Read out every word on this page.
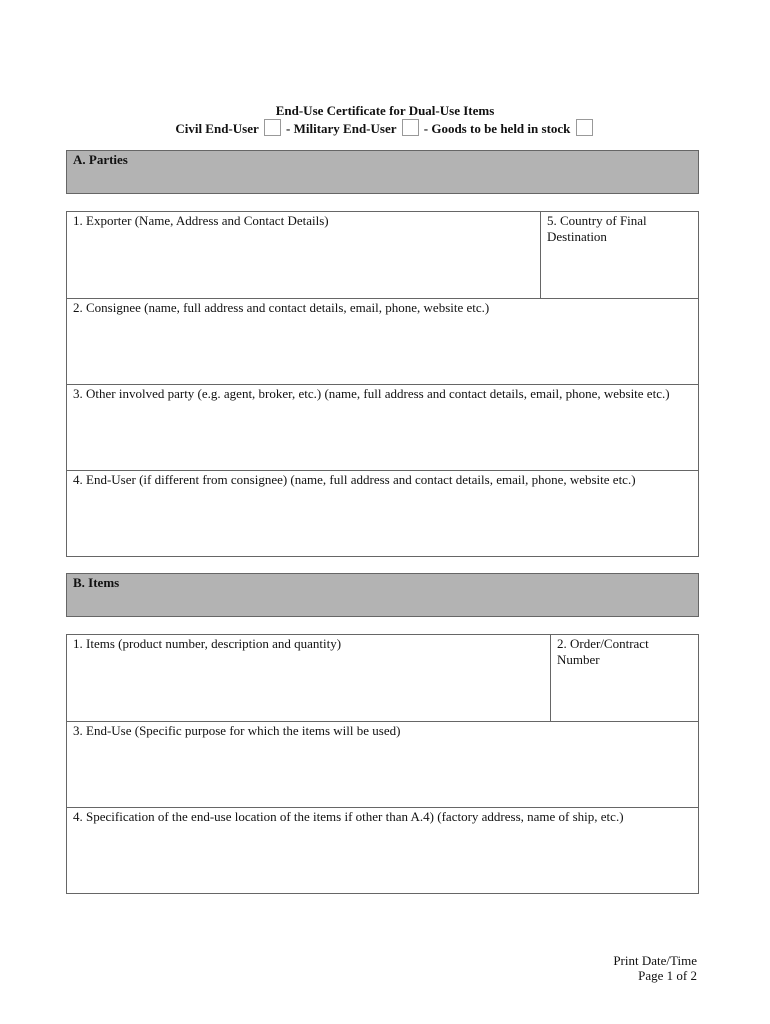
End-Use Certificate for Dual-Use Items
Civil End-User - Military End-User - Goods to be held in stock
A. Parties
1. Exporter (Name, Address and Contact Details)	5. Country of Final Destination
2. Consignee (name, full address and contact details, email, phone, website etc.)
3. Other involved party (e.g. agent, broker, etc.) (name, full address and contact details, email, phone, website etc.)
4. End-User (if different from consignee) (name, full address and contact details, email, phone, website etc.)
B. Items
1. Items (product number, description and quantity)	2. Order/Contract Number
3. End-Use (Specific purpose for which the items will be used)
4. Specification of the end-use location of the items if other than A.4) (factory address, name of ship, etc.)
Print Date/Time
Page 1 of 2
